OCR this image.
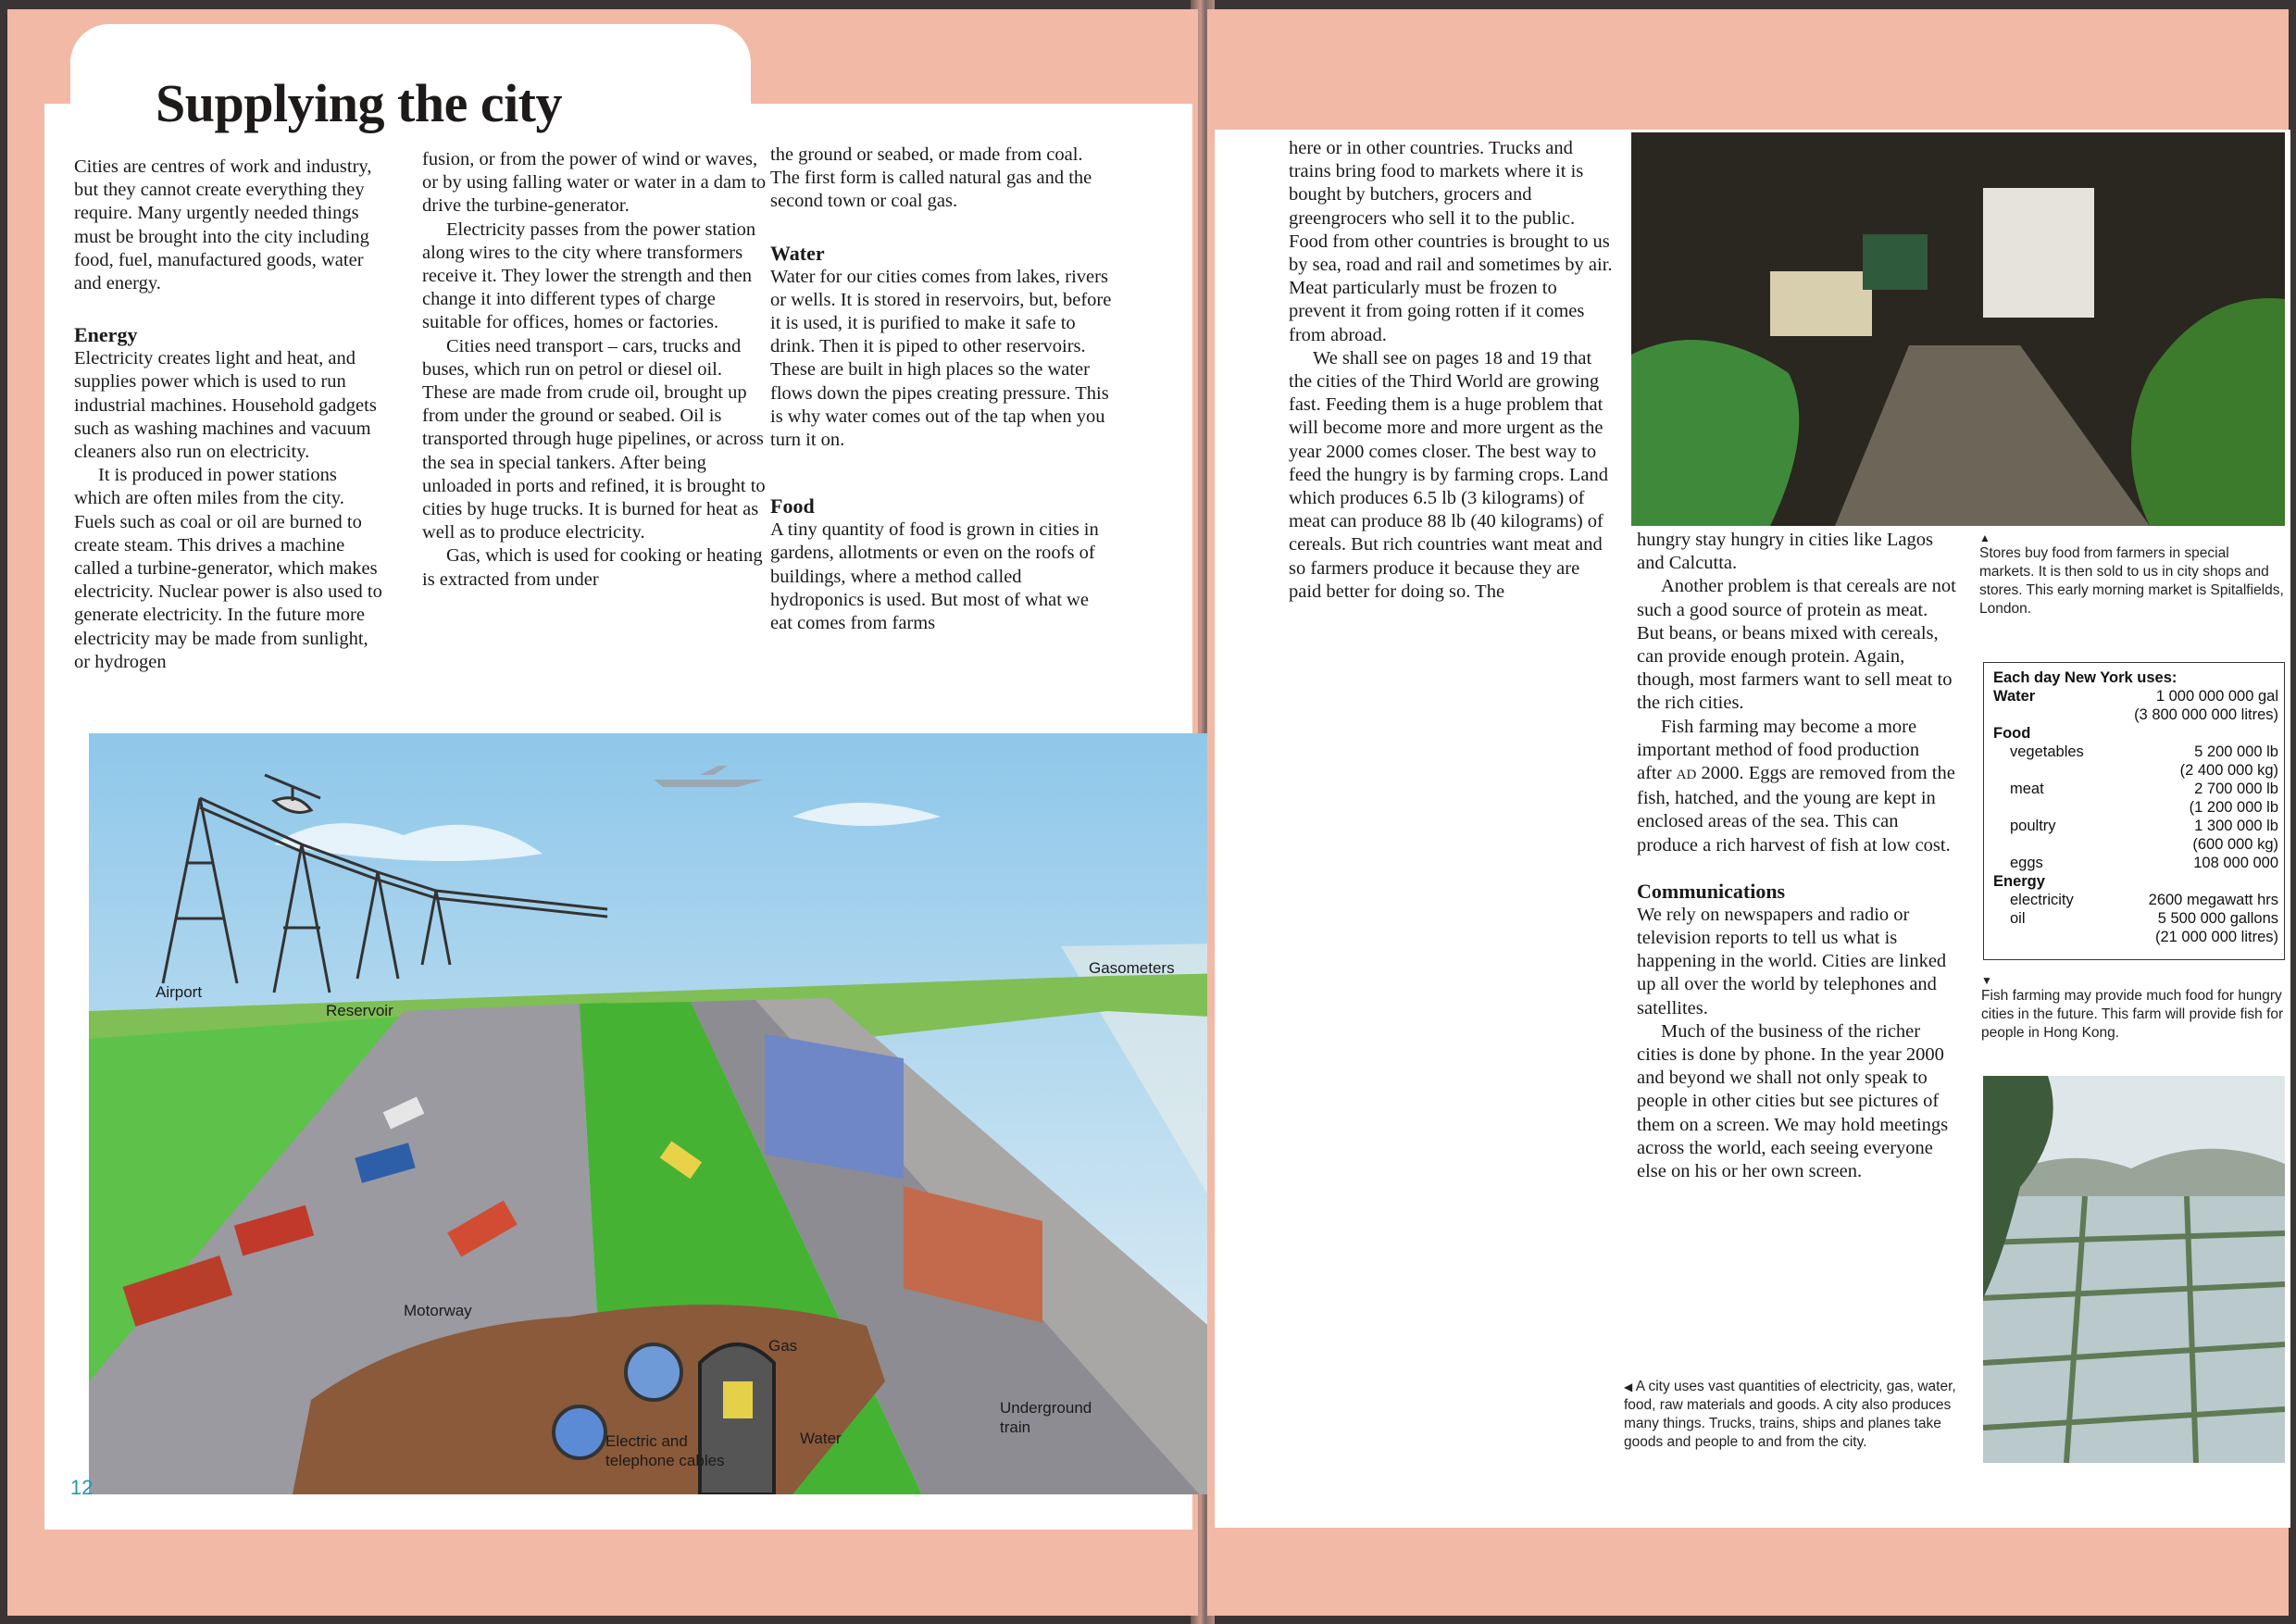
Supplying the city

Cities are centres of work and industry, but they cannot create everything they require. Many urgently needed things must be brought into the city including food, fuel, manufactured goods, water and energy.

Energy

Electricity creates light and heat, and supplies power which is used to run industrial machines. Household gadgets such as washing machines and vacuum cleaners also run on electricity.

It is produced in power stations which are often miles from the city. Fuels such as coal or oil are burned to create steam. This drives a machine called a turbine-generator, which makes electricity. Nuclear power is also used to generate electricity. In the future more electricity may be made from sunlight, or hydrogen

fusion, or from the power of wind or waves, or by using falling water or water in a dam to drive the turbine-generator.

Electricity passes from the power station along wires to the city where transformers receive it. They lower the strength and then change it into different types of charge suitable for offices, homes or factories.

Cities need transport – cars, trucks and buses, which run on petrol or diesel oil. These are made from crude oil, brought up from under the ground or seabed. Oil is transported through huge pipelines, or across the sea in special tankers. After being unloaded in ports and refined, it is brought to cities by huge trucks. It is burned for heat as well as to produce electricity.

Gas, which is used for cooking or heating is extracted from under

the ground or seabed, or made from coal. The first form is called natural gas and the second town or coal gas.

Water

Water for our cities comes from lakes, rivers or wells. It is stored in reservoirs, but, before it is used, it is purified to make it safe to drink. Then it is piped to other reservoirs. These are built in high places so the water flows down the pipes creating pressure. This is why water comes out of the tap when you turn it on.

Food

A tiny quantity of food is grown in cities in gardens, allotments or even on the roofs of buildings, where a method called hydroponics is used. But most of what we eat comes from farms

Airport
Reservoir
Gasometers
Motorway
Gas
Water
Electric and telephone cables
Underground train
12

here or in other countries. Trucks and trains bring food to markets where it is bought by butchers, grocers and greengrocers who sell it to the public. Food from other countries is brought to us by sea, road and rail and sometimes by air. Meat particularly must be frozen to prevent it from going rotten if it comes from abroad.

We shall see on pages 18 and 19 that the cities of the Third World are growing fast. Feeding them is a huge problem that will become more and more urgent as the year 2000 comes closer. The best way to feed the hungry is by farming crops. Land which produces 6.5 lb (3 kilograms) of meat can produce 88 lb (40 kilograms) of cereals. But rich countries want meat and so farmers produce it because they are paid better for doing so. The

▲
Stores buy food from farmers in special markets. It is then sold to us in city shops and stores. This early morning market is Spitalfields, London.

hungry stay hungry in cities like Lagos and Calcutta.

Another problem is that cereals are not such a good source of protein as meat. But beans, or beans mixed with cereals, can provide enough protein. Again, though, most farmers want to sell meat to the rich cities.

Fish farming may become a more important method of food production after AD 2000. Eggs are removed from the fish, hatched, and the young are kept in enclosed areas of the sea. This can produce a rich harvest of fish at low cost.

Communications

We rely on newspapers and radio or television reports to tell us what is happening in the world. Cities are linked up all over the world by telephones and satellites.

Much of the business of the richer cities is done by phone. In the year 2000 and beyond we shall not only speak to people in other cities but see pictures of them on a screen. We may hold meetings across the world, each seeing everyone else on his or her own screen.

Each day New York uses:
Water	1 000 000 000 gal
	(3 800 000 000 litres)
Food	
vegetables	5 200 000 lb
	(2 400 000 kg)
meat	2 700 000 lb
	(1 200 000 lb
poultry	1 300 000 lb
	(600 000 kg)
eggs	108 000 000
Energy	
electricity	2600 megawatt hrs
oil	5 500 000 gallons
	(21 000 000 litres)
▼
Fish farming may provide much food for hungry cities in the future. This farm will provide fish for people in Hong Kong.
◀ A city uses vast quantities of electricity, gas, water, food, raw materials and goods. A city also produces many things. Trucks, trains, ships and planes take goods and people to and from the city.
